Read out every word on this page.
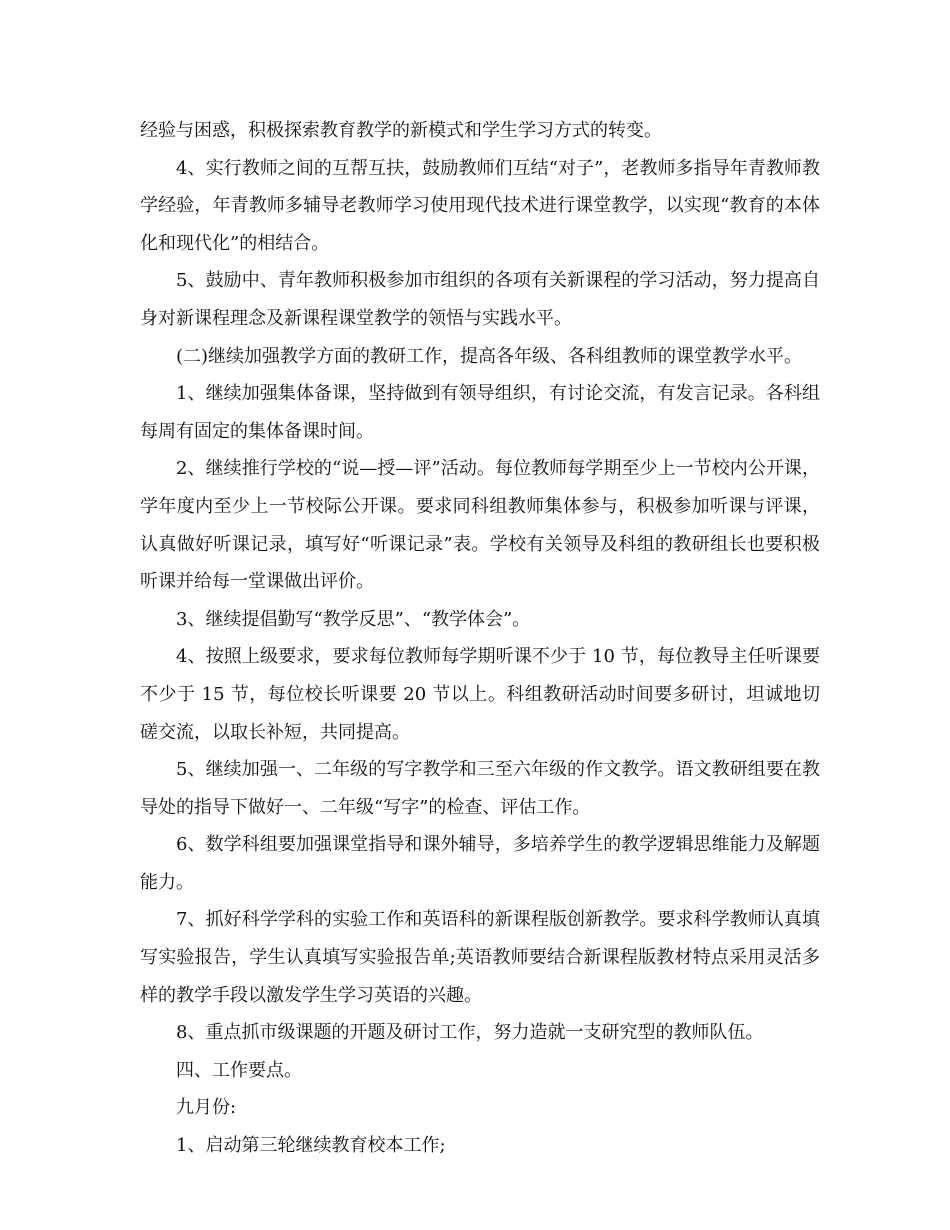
经验与困惑，积极探索教育教学的新模式和学生学习方式的转变。

4、实行教师之间的互帮互扶，鼓励教师们互结“对子”，老教师多指导年青教师教学经验，年青教师多辅导老教师学习使用现代技术进行课堂教学，以实现“教育的本体化和现代化”的相结合。

5、鼓励中、青年教师积极参加市组织的各项有关新课程的学习活动，努力提高自身对新课程理念及新课程课堂教学的领悟与实践水平。

(二)继续加强教学方面的教研工作，提高各年级、各科组教师的课堂教学水平。

1、继续加强集体备课，坚持做到有领导组织，有讨论交流，有发言记录。各科组每周有固定的集体备课时间。

2、继续推行学校的“说—授—评”活动。每位教师每学期至少上一节校内公开课，学年度内至少上一节校际公开课。要求同科组教师集体参与，积极参加听课与评课，认真做好听课记录，填写好“听课记录”表。学校有关领导及科组的教研组长也要积极听课并给每一堂课做出评价。

3、继续提倡勤写“教学反思”、“教学体会”。

4、按照上级要求，要求每位教师每学期听课不少于 10 节，每位教导主任听课要不少于 15 节，每位校长听课要 20 节以上。科组教研活动时间要多研讨，坦诚地切磋交流，以取长补短，共同提高。

5、继续加强一、二年级的写字教学和三至六年级的作文教学。语文教研组要在教导处的指导下做好一、二年级“写字”的检查、评估工作。

6、数学科组要加强课堂指导和课外辅导，多培养学生的教学逻辑思维能力及解题能力。

7、抓好科学学科的实验工作和英语科的新课程版创新教学。要求科学教师认真填写实验报告，学生认真填写实验报告单;英语教师要结合新课程版教材特点采用灵活多样的教学手段以激发学生学习英语的兴趣。

8、重点抓市级课题的开题及研讨工作，努力造就一支研究型的教师队伍。

四、工作要点。

九月份:

1、启动第三轮继续教育校本工作;
